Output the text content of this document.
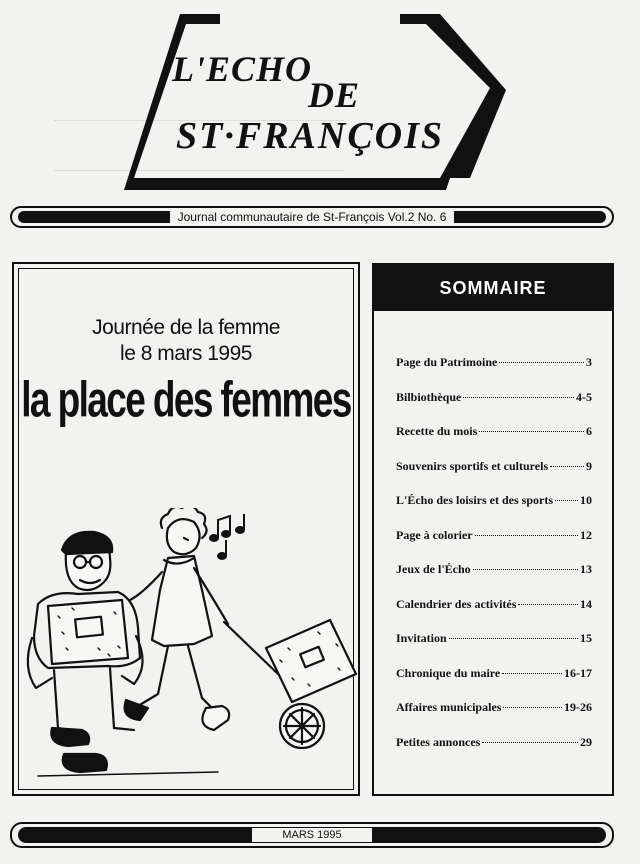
L'ECHO
DE
ST·FRANÇOIS
Journal communautaire de St-François Vol.2 No. 6
Journée de la femme
le 8 mars 1995
la place des femmes
SOMMAIRE
Page du Patrimoine	3
Bilbiothèque	4-5
Recette du mois	6
Souvenirs sportifs et culturels	9
L'Écho des loisirs et des sports 10
Page à colorier	12
Jeux de l'Écho	13
Calendrier des activités	14
Invitation	15
Chronique du maire	16-17
Affaires municipales	19-26
Petites annonces	29
MARS 1995
